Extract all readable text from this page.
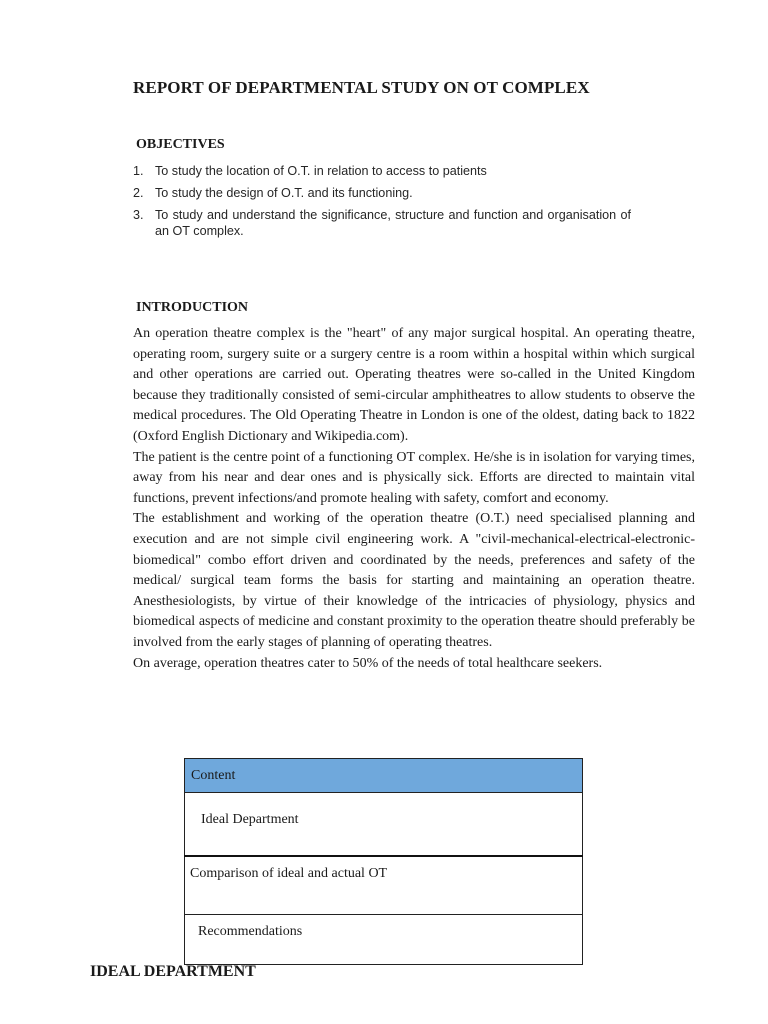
REPORT OF DEPARTMENTAL STUDY ON OT COMPLEX
OBJECTIVES
1. To study the location of O.T. in relation to access to patients
2. To study the design of O.T. and its functioning.
3. To study and understand the significance, structure and function and organisation of an OT complex.
INTRODUCTION

An operation theatre complex is the "heart" of any major surgical hospital. An operating theatre, operating room, surgery suite or a surgery centre is a room within a hospital within which surgical and other operations are carried out. Operating theatres were so-called in the United Kingdom because they traditionally consisted of semi-circular amphitheatres to allow students to observe the medical procedures. The Old Operating Theatre in London is one of the oldest, dating back to 1822 (Oxford English Dictionary and Wikipedia.com).

The patient is the centre point of a functioning OT complex. He/she is in isolation for varying times, away from his near and dear ones and is physically sick. Efforts are directed to maintain vital functions, prevent infections/and promote healing with safety, comfort and economy.

The establishment and working of the operation theatre (O.T.) need specialised planning and execution and are not simple civil engineering work. A "civil-mechanical-electrical-electronic- biomedical" combo effort driven and coordinated by the needs, preferences and safety of the medical/ surgical team forms the basis for starting and maintaining an operation theatre. Anesthesiologists, by virtue of their knowledge of the intricacies of physiology, physics and biomedical aspects of medicine and constant proximity to the operation theatre should preferably be involved from the early stages of planning of operating theatres.

On average, operation theatres cater to 50% of the needs of total healthcare seekers.

Content
Ideal Department
Comparison of ideal and actual OT
Recommendations
IDEAL DEPARTMENT
